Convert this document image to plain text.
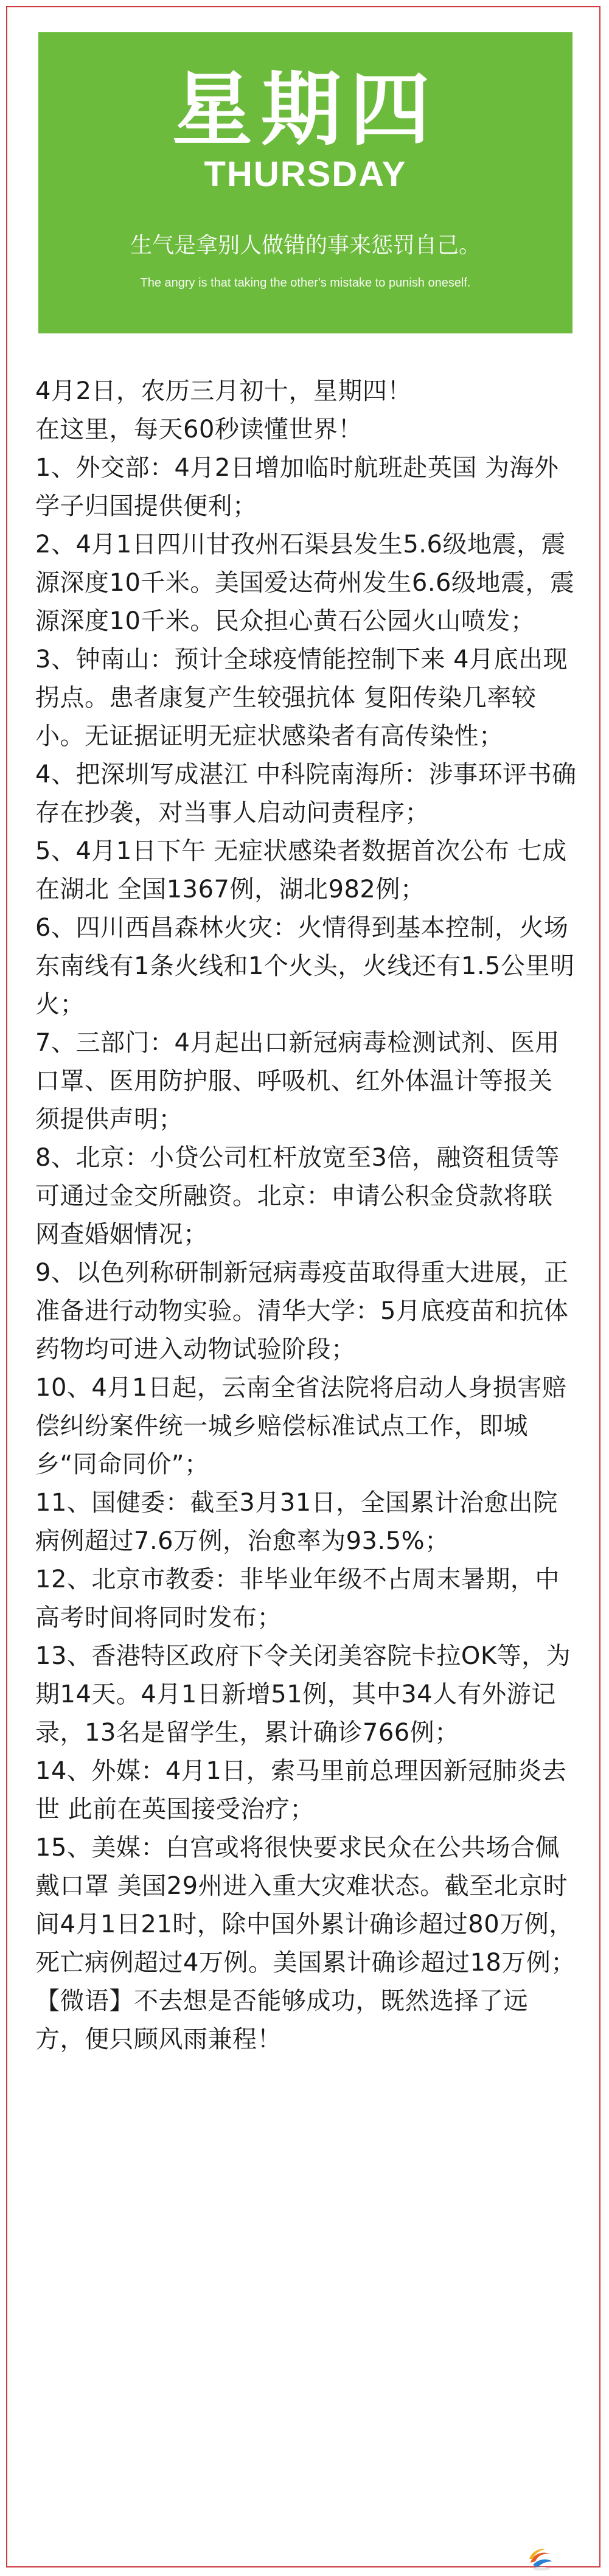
星期四
THURSDAY
生气是拿别人做错的事来惩罚自己。
The angry is that taking the other's mistake to punish oneself.

4月2日，农历三月初十，星期四！

在这里，每天60秒读懂世界！

1、外交部：4月2日增加临时航班赴英国 为海外学子归国提供便利；
2、4月1日四川甘孜州石渠县发生5.6级地震，震源深度10千米。美国爱达荷州发生6.6级地震，震源深度10千米。民众担心黄石公园火山喷发；
3、钟南山：预计全球疫情能控制下来 4月底出现拐点。患者康复产生较强抗体 复阳传染几率较小。无证据证明无症状感染者有高传染性；
4、把深圳写成湛江 中科院南海所：涉事环评书确存在抄袭，对当事人启动问责程序；
5、4月1日下午 无症状感染者数据首次公布 七成在湖北 全国1367例，湖北982例；
6、四川西昌森林火灾：火情得到基本控制，火场东南线有1条火线和1个火头，火线还有1.5公里明火；
7、三部门：4月起出口新冠病毒检测试剂、医用口罩、医用防护服、呼吸机、红外体温计等报关须提供声明；
8、北京：小贷公司杠杆放宽至3倍，融资租赁等可通过金交所融资。北京：申请公积金贷款将联网查婚姻情况；
9、以色列称研制新冠病毒疫苗取得重大进展，正准备进行动物实验。清华大学：5月底疫苗和抗体药物均可进入动物试验阶段；
10、4月1日起，云南全省法院将启动人身损害赔偿纠纷案件统一城乡赔偿标准试点工作，即城乡“同命同价”；
11、国健委：截至3月31日，全国累计治愈出院病例超过7.6万例，治愈率为93.5%；
12、北京市教委：非毕业年级不占周末暑期，中高考时间将同时发布；
13、香港特区政府下令关闭美容院卡拉OK等，为期14天。4月1日新增51例，其中34人有外游记录，13名是留学生，累计确诊766例；
14、外媒：4月1日，索马里前总理因新冠肺炎去世 此前在英国接受治疗；
15、美媒：白宫或将很快要求民众在公共场合佩戴口罩 美国29州进入重大灾难状态。截至北京时间4月1日21时，除中国外累计确诊超过80万例，死亡病例超过4万例。美国累计确诊超过18万例；

【微语】不去想是否能够成功，既然选择了远方，便只顾风雨兼程！
